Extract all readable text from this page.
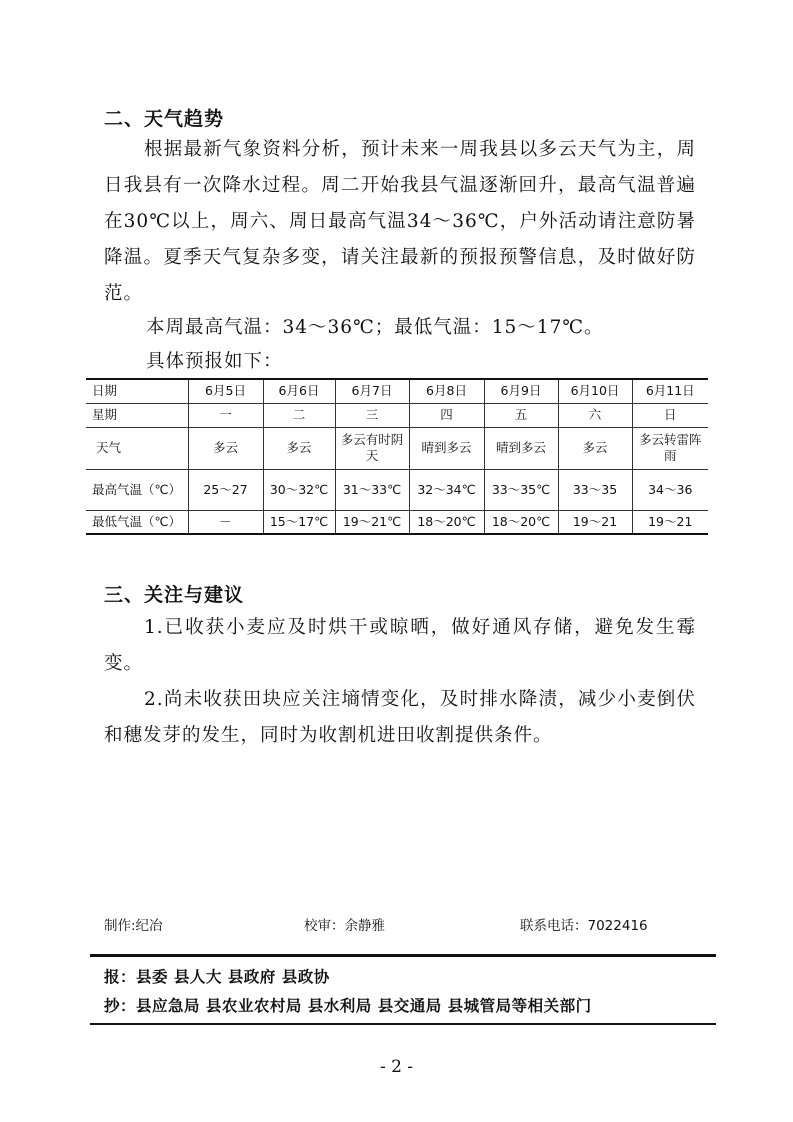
二、天气趋势

根据最新气象资料分析，预计未来一周我县以多云天气为主，周日我县有一次降水过程。周二开始我县气温逐渐回升，最高气温普遍在30℃以上，周六、周日最高气温34～36℃，户外活动请注意防暑降温。夏季天气复杂多变，请关注最新的预报预警信息，及时做好防范。

本周最高气温：34～36℃；最低气温：15～17℃。

具体预报如下：

日期	6月5日	6月6日	6月7日	6月8日	6月9日	6月10日	6月11日
星期	一	二	三	四	五	六	日
天气	多云	多云	多云有时阴天	晴到多云	晴到多云	多云	多云转雷阵雨
最高气温（℃）	25～27	30～32℃	31～33℃	32～34℃	33～35℃	33～35	34～36
最低气温（℃）	－	15～17℃	19～21℃	18～20℃	18～20℃	19～21	19～21
三、关注与建议

1.已收获小麦应及时烘干或晾晒，做好通风存储，避免发生霉变。

2.尚未收获田块应关注墒情变化，及时排水降渍，减少小麦倒伏和穗发芽的发生，同时为收割机进田收割提供条件。

制作:纪冶	校审：余静雅	联系电话：7022416

报：县委 县人大 县政府 县政协

抄：县应急局 县农业农村局 县水利局 县交通局 县城管局等相关部门

- 2 -
